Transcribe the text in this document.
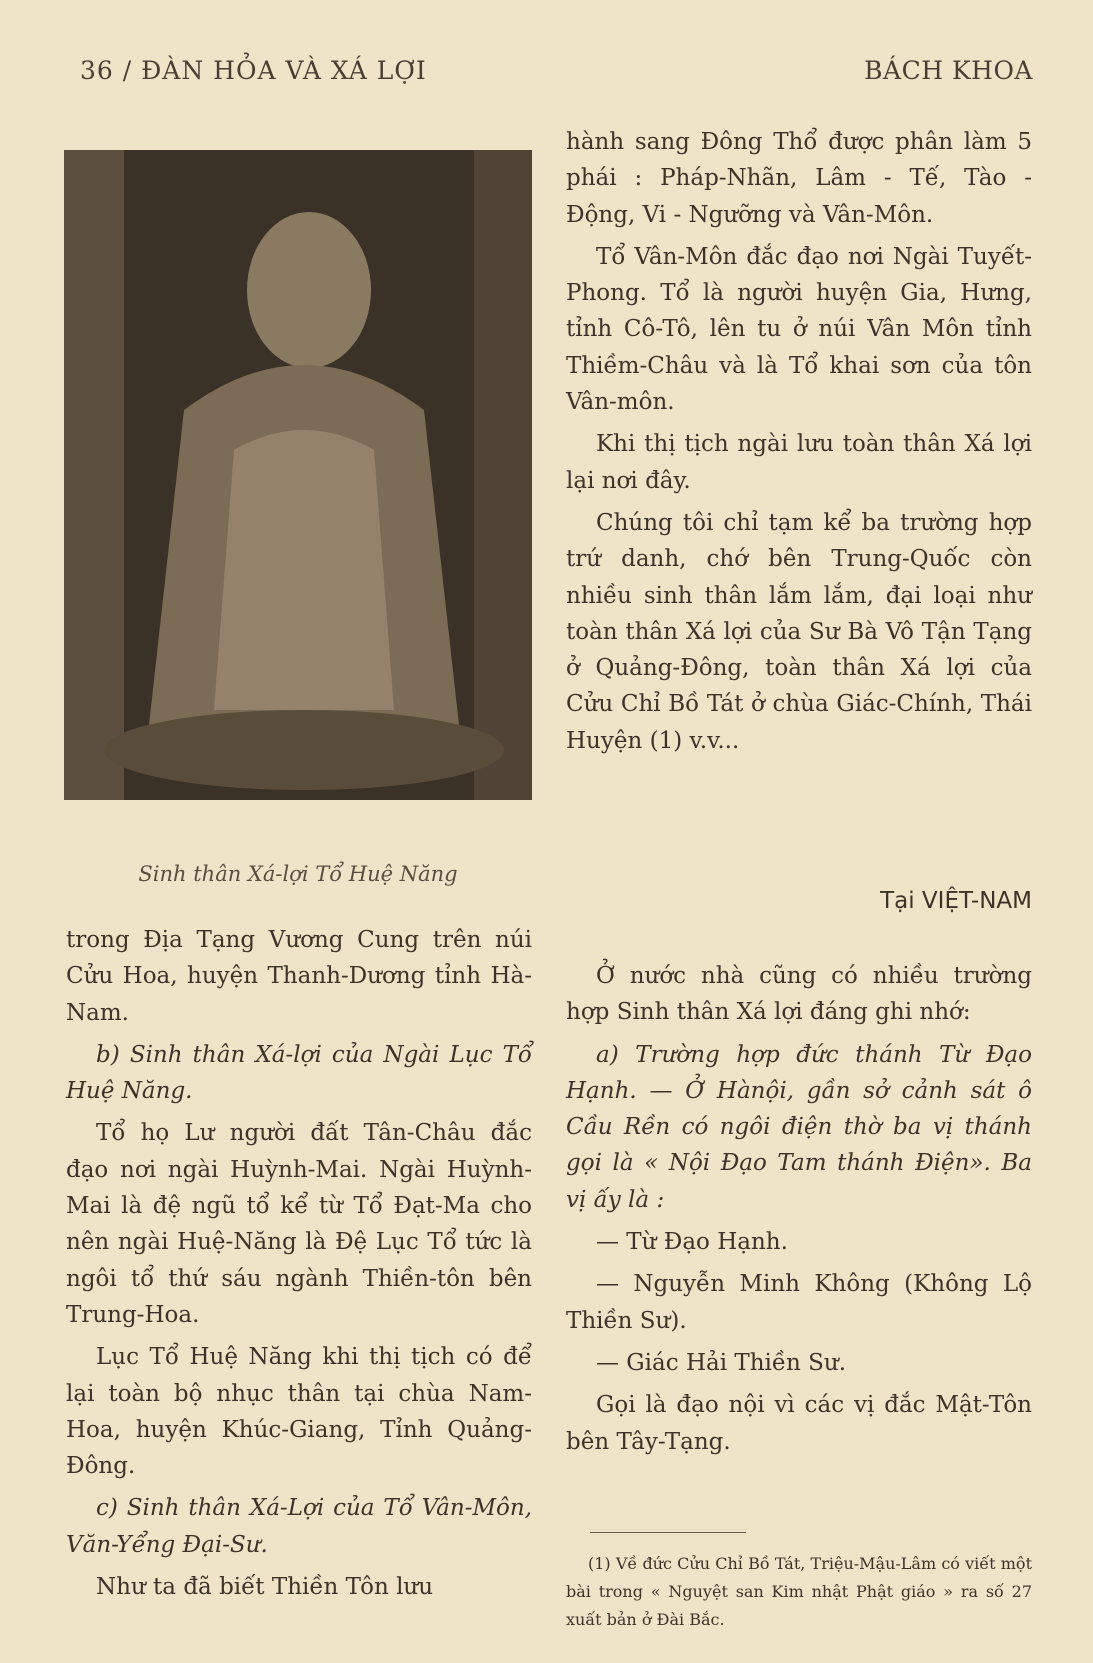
36 / ĐÀN HỎA VÀ XÁ LỢI	BÁCH KHOA
Sinh thân Xá-lợi Tổ Huệ Năng

trong Địa Tạng Vương Cung trên núi Cửu Hoa, huyện Thanh-Dương tỉnh Hà-Nam.

b) Sinh thân Xá-lợi của Ngài Lục Tổ Huệ Năng.

Tổ họ Lư người đất Tân-Châu đắc đạo nơi ngài Huỳnh-Mai. Ngài Huỳnh-Mai là đệ ngũ tổ kể từ Tổ Đạt-Ma cho nên ngài Huệ-Năng là Đệ Lục Tổ tức là ngôi tổ thứ sáu ngành Thiền-tôn bên Trung-Hoa.

Lục Tổ Huệ Năng khi thị tịch có để lại toàn bộ nhục thân tại chùa Nam-Hoa, huyện Khúc-Giang, Tỉnh Quảng-Đông.

c) Sinh thân Xá-Lợi của Tổ Vân-Môn, Văn-Yểng Đại-Sư.

Như ta đã biết Thiền Tôn lưu

hành sang Đông Thổ được phân làm 5 phái : Pháp-Nhãn, Lâm - Tế, Tào - Động, Vi - Ngưỡng và Vân-Môn.

Tổ Vân-Môn đắc đạo nơi Ngài Tuyết-Phong. Tổ là người huyện Gia, Hưng, tỉnh Cô-Tô, lên tu ở núi Vân Môn tỉnh Thiềm-Châu và là Tổ khai sơn của tôn Vân-môn.

Khi thị tịch ngài lưu toàn thân Xá lợi lại nơi đây.

Chúng tôi chỉ tạm kể ba trường hợp trứ danh, chớ bên Trung-Quốc còn nhiều sinh thân lắm lắm, đại loại như toàn thân Xá lợi của Sư Bà Vô Tận Tạng ở Quảng-Đông, toàn thân Xá lợi của Cửu Chỉ Bồ Tát ở chùa Giác-Chính, Thái Huyện (1) v.v...

Tại VIỆT-NAM

Ở nước nhà cũng có nhiều trường hợp Sinh thân Xá lợi đáng ghi nhớ:

a) Trường hợp đức thánh Từ Đạo Hạnh. — Ở Hànội, gần sở cảnh sát ô Cầu Rền có ngôi điện thờ ba vị thánh gọi là « Nội Đạo Tam thánh Điện». Ba vị ấy là :

— Từ Đạo Hạnh.

— Nguyễn Minh Không (Không Lộ Thiền Sư).

— Giác Hải Thiền Sư.

Gọi là đạo nội vì các vị đắc Mật-Tôn bên Tây-Tạng.

(1) Về đức Cửu Chỉ Bồ Tát, Triệu-Mậu-Lâm có viết một bài trong « Nguyệt san Kim nhật Phật giáo » ra số 27 xuất bản ở Đài Bắc.
